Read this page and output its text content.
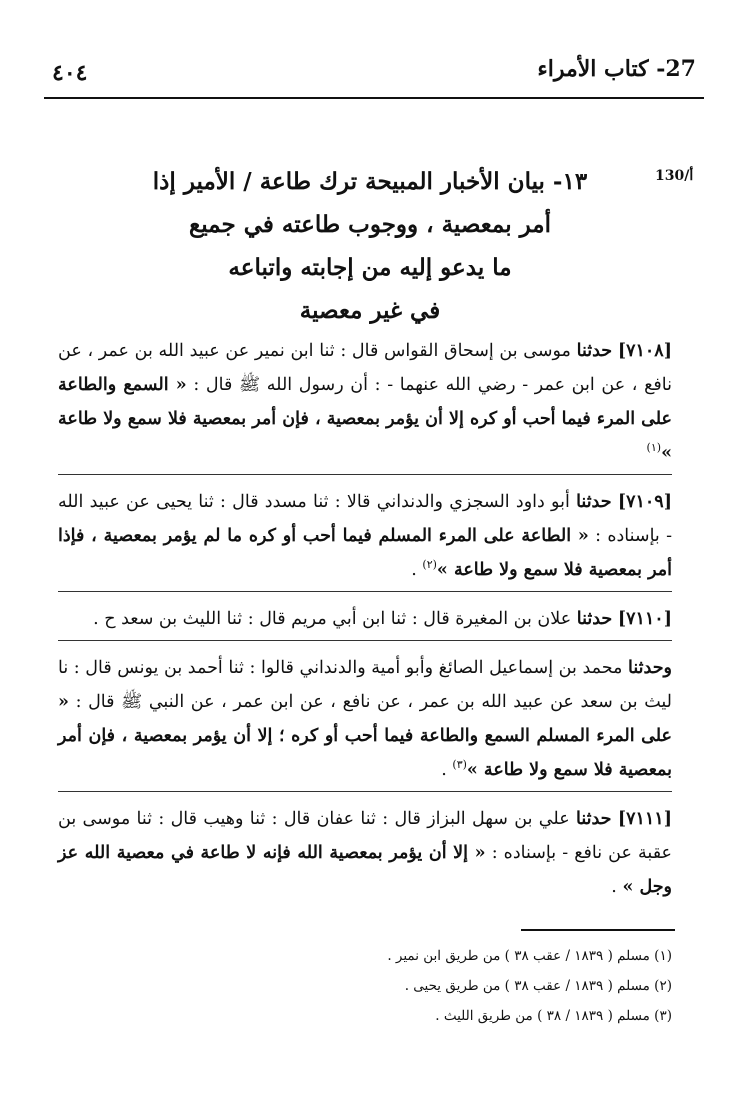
٤٠٤	27- كتاب الأمراء
130/أ
١٣- بيان الأخبار المبيحة ترك طاعة / الأمير إذا
أمر بمعصية ، ووجوب طاعته في جميع
ما يدعو إليه من إجابته واتباعه
في غير معصية

[٧١٠٨] حدثنا موسى بن إسحاق القواس قال : ثنا ابن نمير عن عبيد الله بن عمر ، عن نافع ، عن ابن عمر - رضي الله عنهما - : أن رسول الله ﷺ قال : « السمع والطاعة على المرء فيما أحب أو كره إلا أن يؤمر بمعصية ، فإن أمر بمعصية فلا سمع ولا طاعة »$^{(١)}$

[٧١٠٩] حدثنا أبو داود السجزي والدنداني قالا : ثنا مسدد قال : ثنا يحيى عن عبيد الله - بإسناده : « الطاعة على المرء المسلم فيما أحب أو كره ما لم يؤمر بمعصية ، فإذا أمر بمعصية فلا سمع ولا طاعة »$^{(٢)}$ .

[٧١١٠] حدثنا علان بن المغيرة قال : ثنا ابن أبي مريم قال : ثنا الليث بن سعد ح .

وحدثنا محمد بن إسماعيل الصائغ وأبو أمية والدنداني قالوا : ثنا أحمد بن يونس قال : نا ليث بن سعد عن عبيد الله بن عمر ، عن نافع ، عن ابن عمر ، عن النبي ﷺ قال : « على المرء المسلم السمع والطاعة فيما أحب أو كره ؛ إلا أن يؤمر بمعصية ، فإن أمر بمعصية فلا سمع ولا طاعة »$^{(٣)}$ .

[٧١١١] حدثنا علي بن سهل البزاز قال : ثنا عفان قال : ثنا وهيب قال : ثنا موسى بن عقبة عن نافع - بإسناده : « إلا أن يؤمر بمعصية الله فإنه لا طاعة في معصية الله عز وجل » .

(١) مسلم ( ١٨٣٩ / عقب ٣٨ ) من طريق ابن نمير .
(٢) مسلم ( ١٨٣٩ / عقب ٣٨ ) من طريق يحيى .
(٣) مسلم ( ١٨٣٩ / ٣٨ ) من طريق الليث .
